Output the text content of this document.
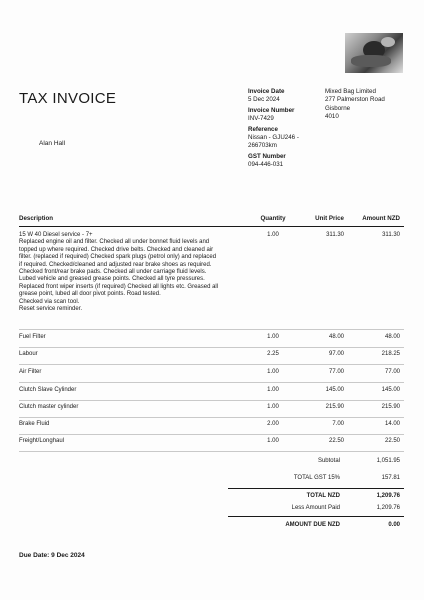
TAX INVOICE
Alan Hall
Invoice Date
5 Dec 2024
Invoice Number
INV-7429
Reference
Nissan - GJU246 -
266703km
GST Number
094-446-031
Mixed Bag Limited
277 Palmerston Road
Gisborne
4010
Description	Quantity	Unit Price	Amount NZD
15 W 40 Diesel service - 7+
Replaced engine oil and filter. Checked all under bonnet fluid levels and
topped up where required. Checked drive belts. Checked and cleaned air
filter. (replaced if required) Checked spark plugs (petrol only) and replaced
if required. Checked/cleaned and adjusted rear brake shoes as required.
Checked front/rear brake pads. Checked all under carriage fluid levels.
Lubed vehicle and greased grease points. Checked all tyre pressures.
Replaced front wiper inserts (if required) Checked all lights etc. Greased all
grease point, lubed all door pivot points. Road tested.
Checked via scan tool.
Reset service reminder.
1.00	311.30	311.30
Fuel Filter	1.00	48.00	48.00
Labour	2.25	97.00	218.25
Air Filter	1.00	77.00	77.00
Clutch Slave Cylinder	1.00	145.00	145.00
Clutch master cylinder	1.00	215.90	215.90
Brake Fluid	2.00	7.00	14.00
Freight/Longhaul	1.00	22.50	22.50
Subtotal	1,051.95
TOTAL GST 15%	157.81
TOTAL NZD	1,209.76
Less Amount Paid	1,209.76
AMOUNT DUE NZD	0.00
Due Date: 9 Dec 2024
